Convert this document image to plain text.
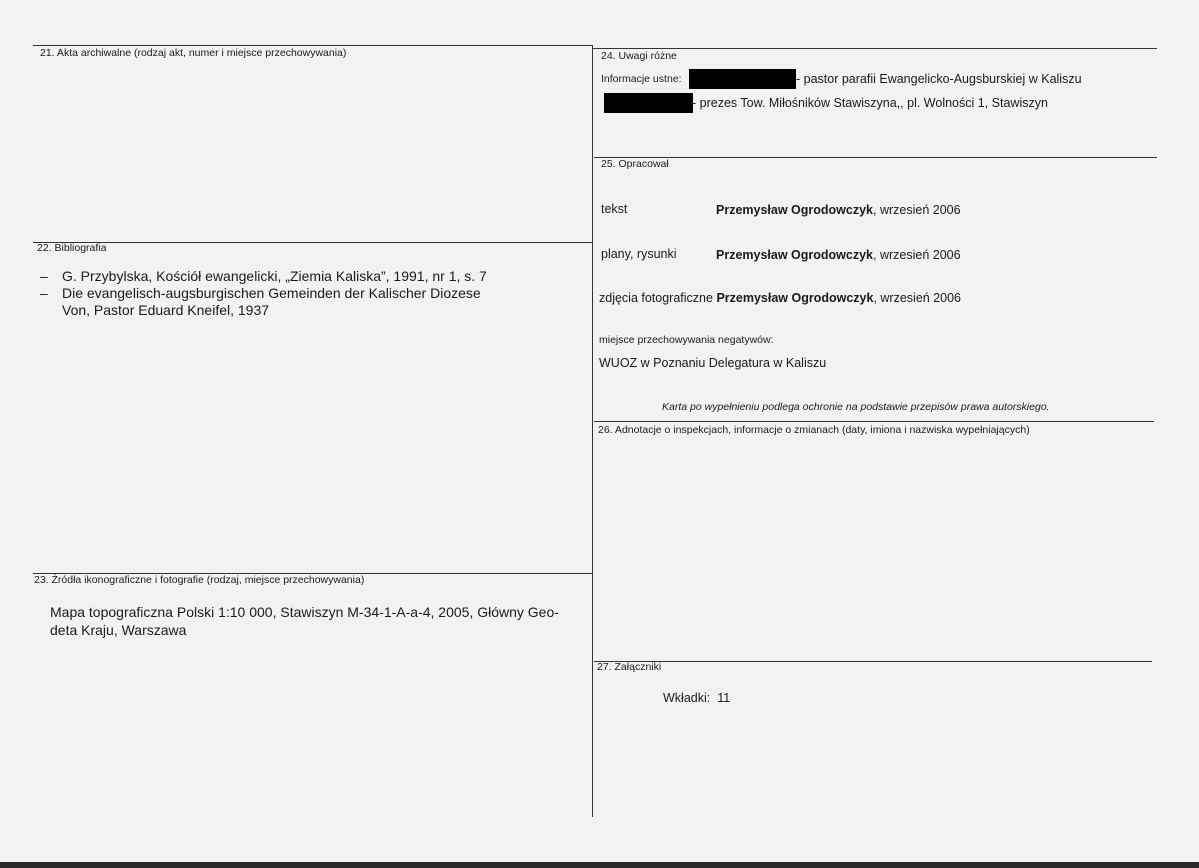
21. Akta archiwalne (rodzaj akt, numer i miejsce przechowywania)
22. Bibliografia
– G. Przybylska, Kościół ewangelicki, „Ziemia Kaliska”, 1991, nr 1, s. 7
– Die evangelisch-augsburgischen Gemeinden der Kalischer Diozese
Von, Pastor Eduard Kneifel, 1937
23. Źródła ikonograficzne i fotografie (rodzaj, miejsce przechowywania)
Mapa topograficzna Polski 1:10 000, Stawiszyn M-34-1-A-a-4, 2005, Główny Geo-
deta Kraju, Warszawa
24. Uwagi różne
Informacje ustne:	- pastor parafii Ewangelicko-Augsburskiej w Kaliszu
- prezes Tow. Miłośników Stawiszyna,, pl. Wolności 1, Stawiszyn
25. Opracował
tekst	Przemysław Ogrodowczyk, wrzesień 2006
plany, rysunki	Przemysław Ogrodowczyk, wrzesień 2006
zdjęcia fotograficzne Przemysław Ogrodowczyk, wrzesień 2006
miejsce przechowywania negatywów:
WUOZ w Poznaniu Delegatura w Kaliszu
Karta po wypełnieniu podlega ochronie na podstawie przepisów prawa autorskiego.
26. Adnotacje o inspekcjach, informacje o zmianach (daty, imiona i nazwiska wypełniających)
27. Załączniki
Wkładki: 11
